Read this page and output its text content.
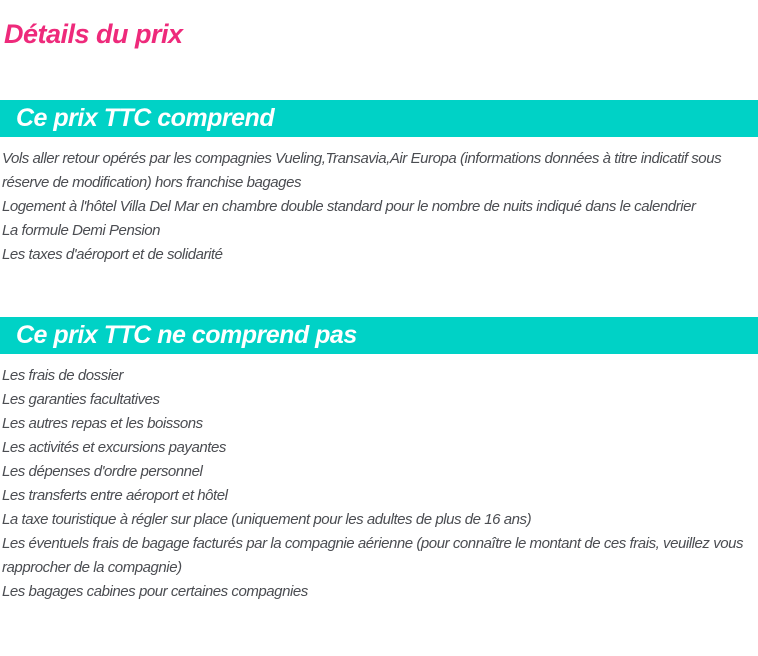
Détails du prix
Ce prix TTC comprend

Vols aller retour opérés par les compagnies Vueling,Transavia,Air Europa (informations données à titre indicatif sous réserve de modification) hors franchise bagages

Logement à l'hôtel Villa Del Mar en chambre double standard pour le nombre de nuits indiqué dans le calendrier

La formule Demi Pension

Les taxes d'aéroport et de solidarité

Ce prix TTC ne comprend pas

Les frais de dossier

Les garanties facultatives

Les autres repas et les boissons

Les activités et excursions payantes

Les dépenses d'ordre personnel

Les transferts entre aéroport et hôtel

La taxe touristique à régler sur place (uniquement pour les adultes de plus de 16 ans)

Les éventuels frais de bagage facturés par la compagnie aérienne (pour connaître le montant de ces frais, veuillez vous rapprocher de la compagnie)

Les bagages cabines pour certaines compagnies
